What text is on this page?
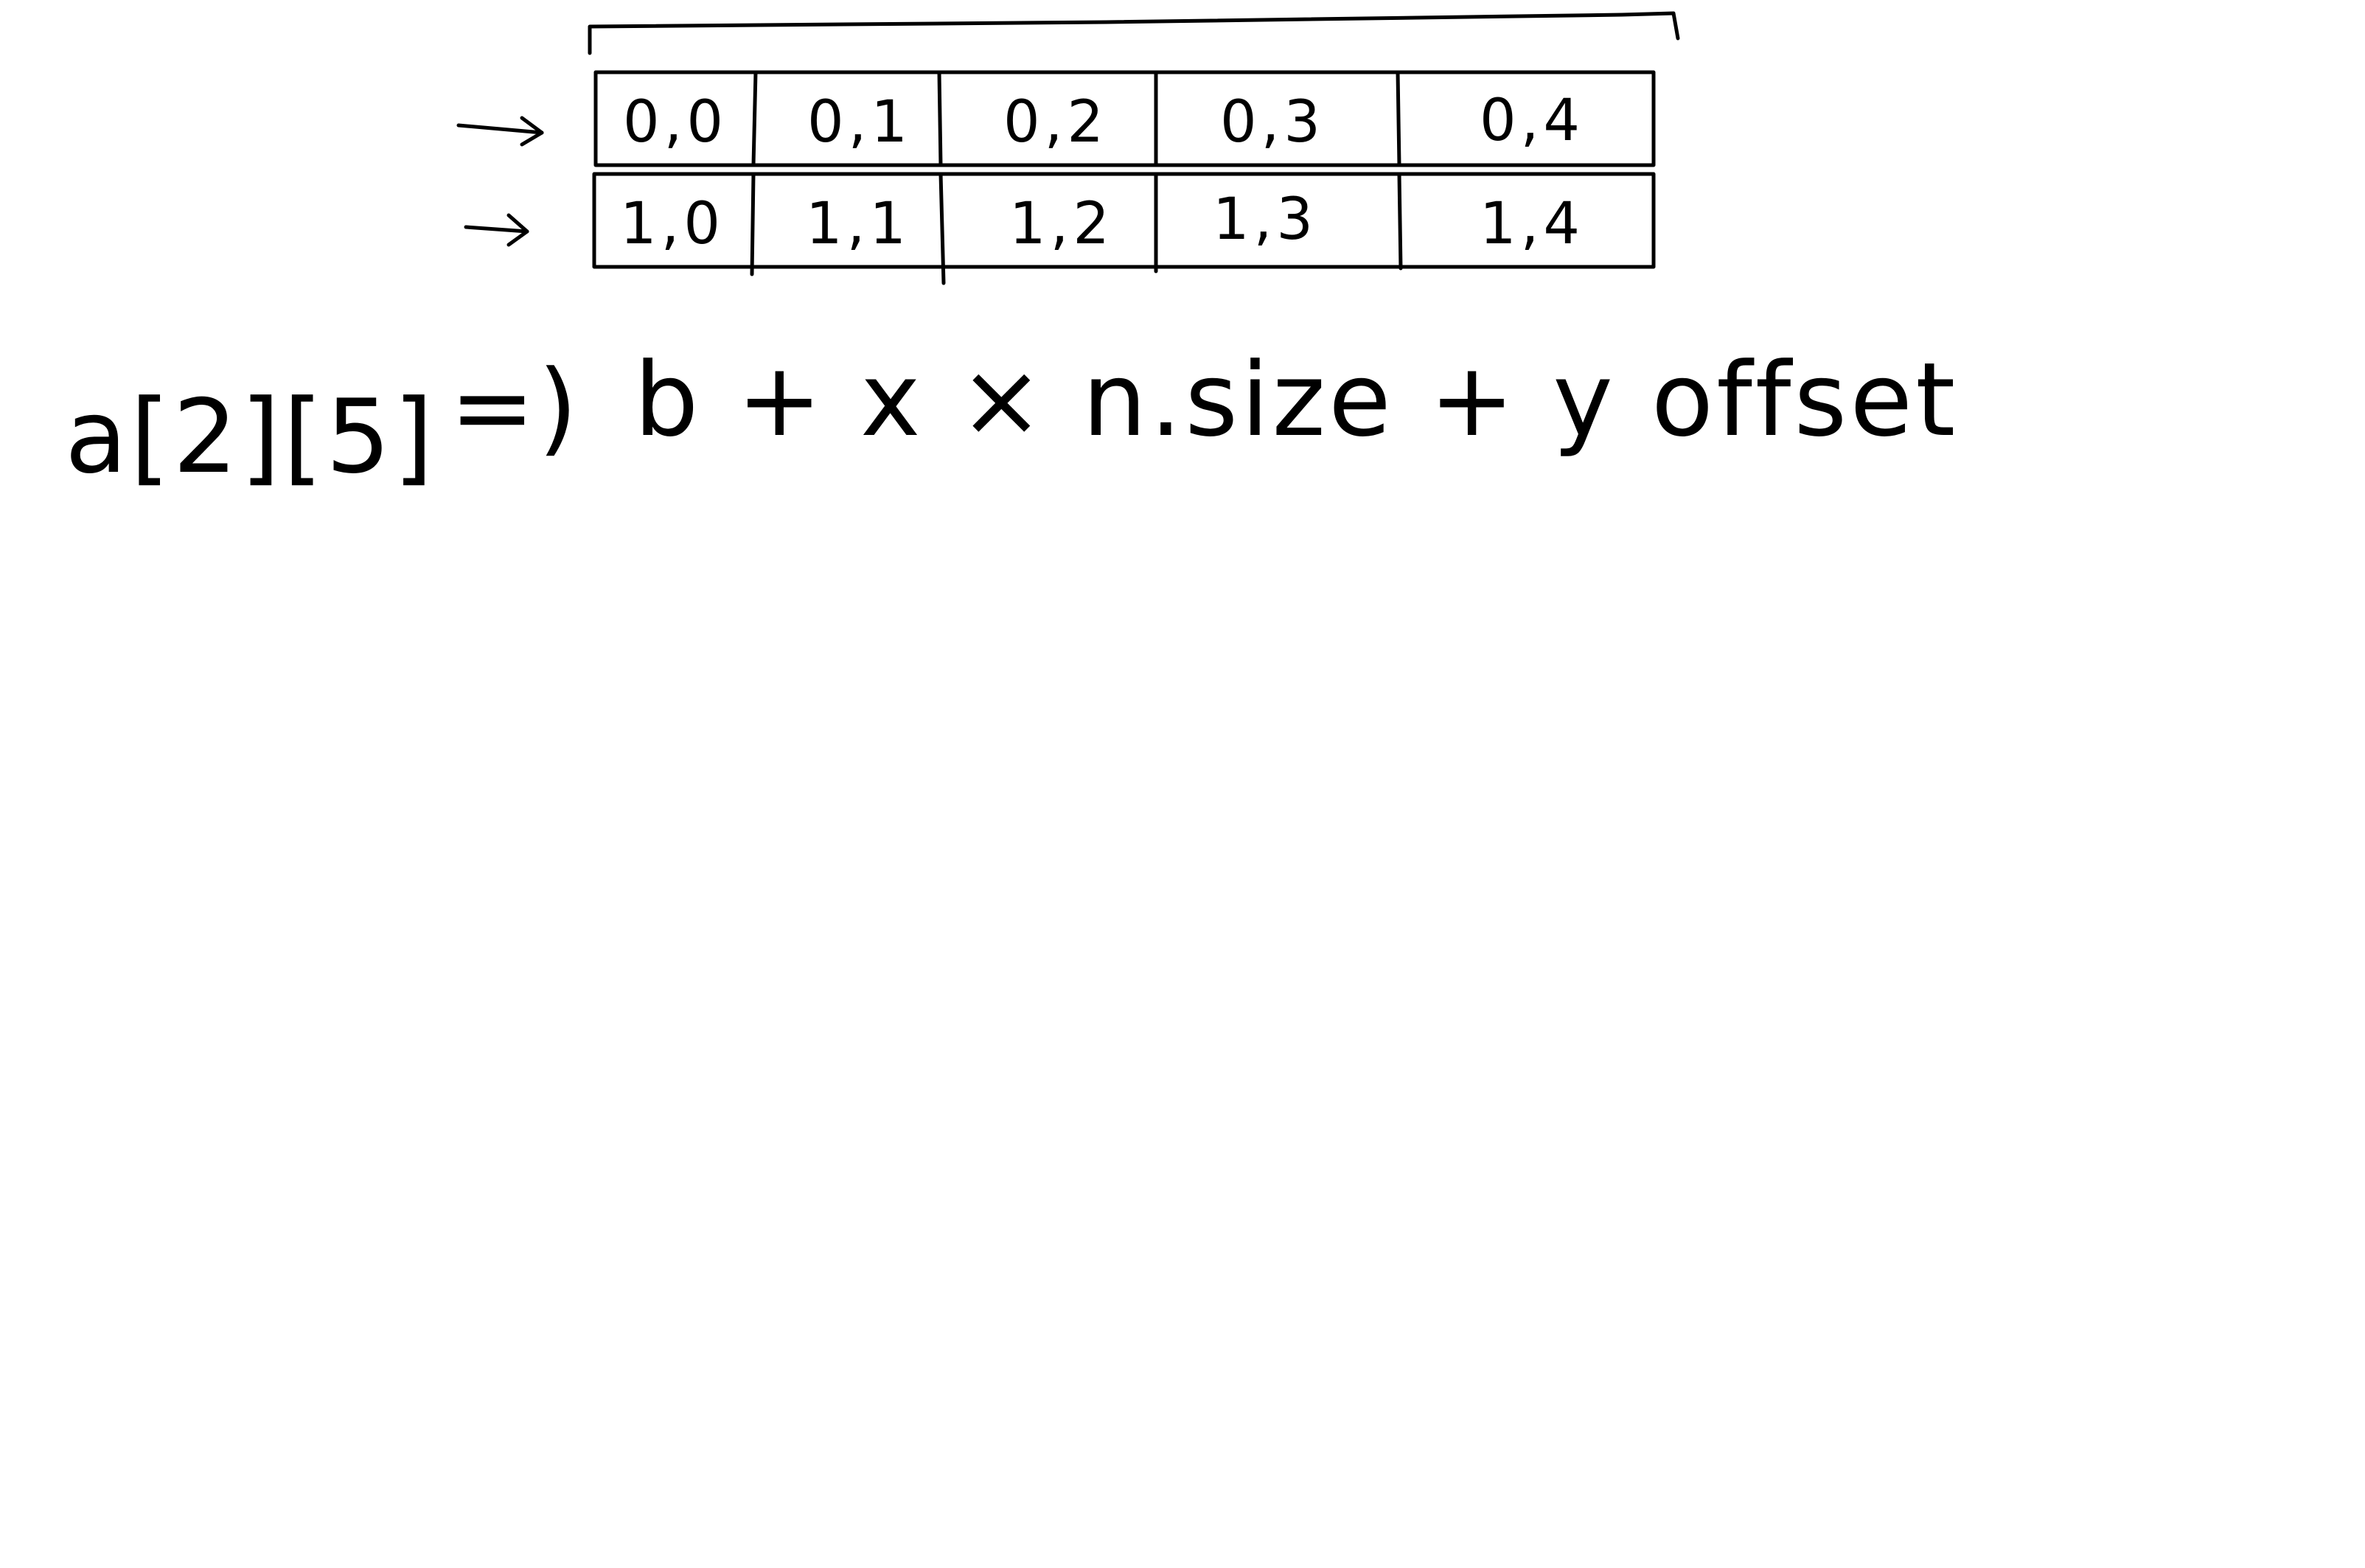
0,0 0,1 0,2 0,3	0,4
1,0 1,1 1,2 1,3	1,4
a[2][5] =) b + x × n.size + y offset
